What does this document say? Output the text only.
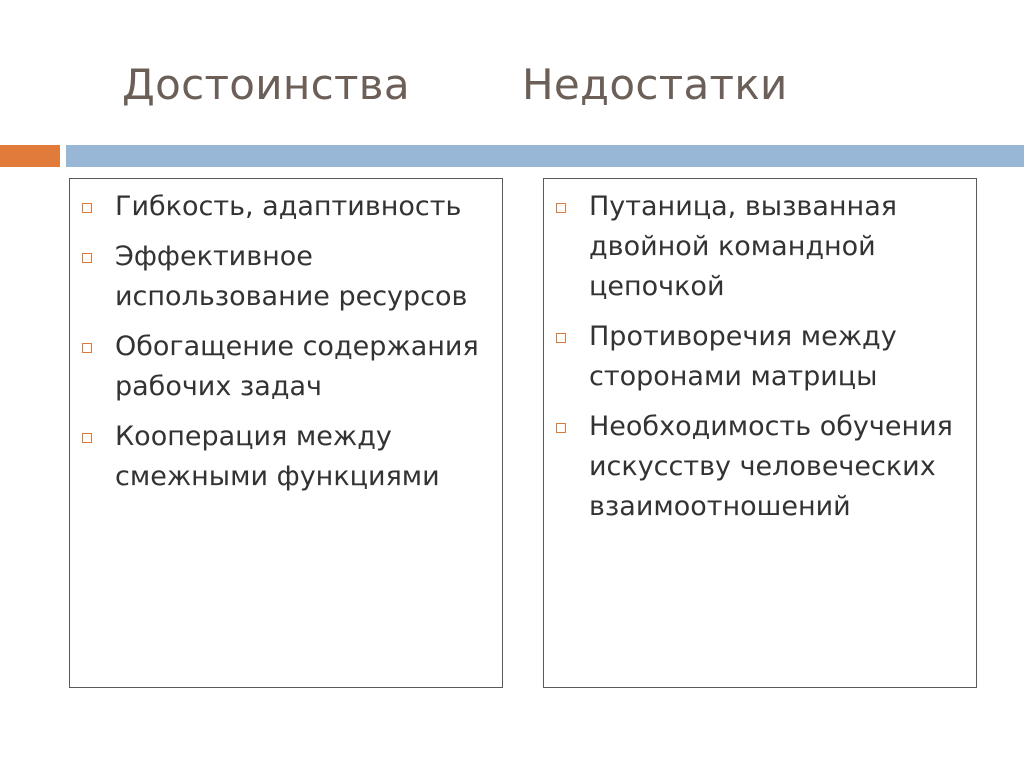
Достоинства	Недостатки
Гибкость, адаптивность
Эффективное использование ресурсов
Обогащение содержания рабочих задач
Кооперация между смежными функциями
Путаница, вызванная двойной командной цепочкой
Противоречия между сторонами матрицы
Необходимость обучения искусству человеческих взаимоотношений
